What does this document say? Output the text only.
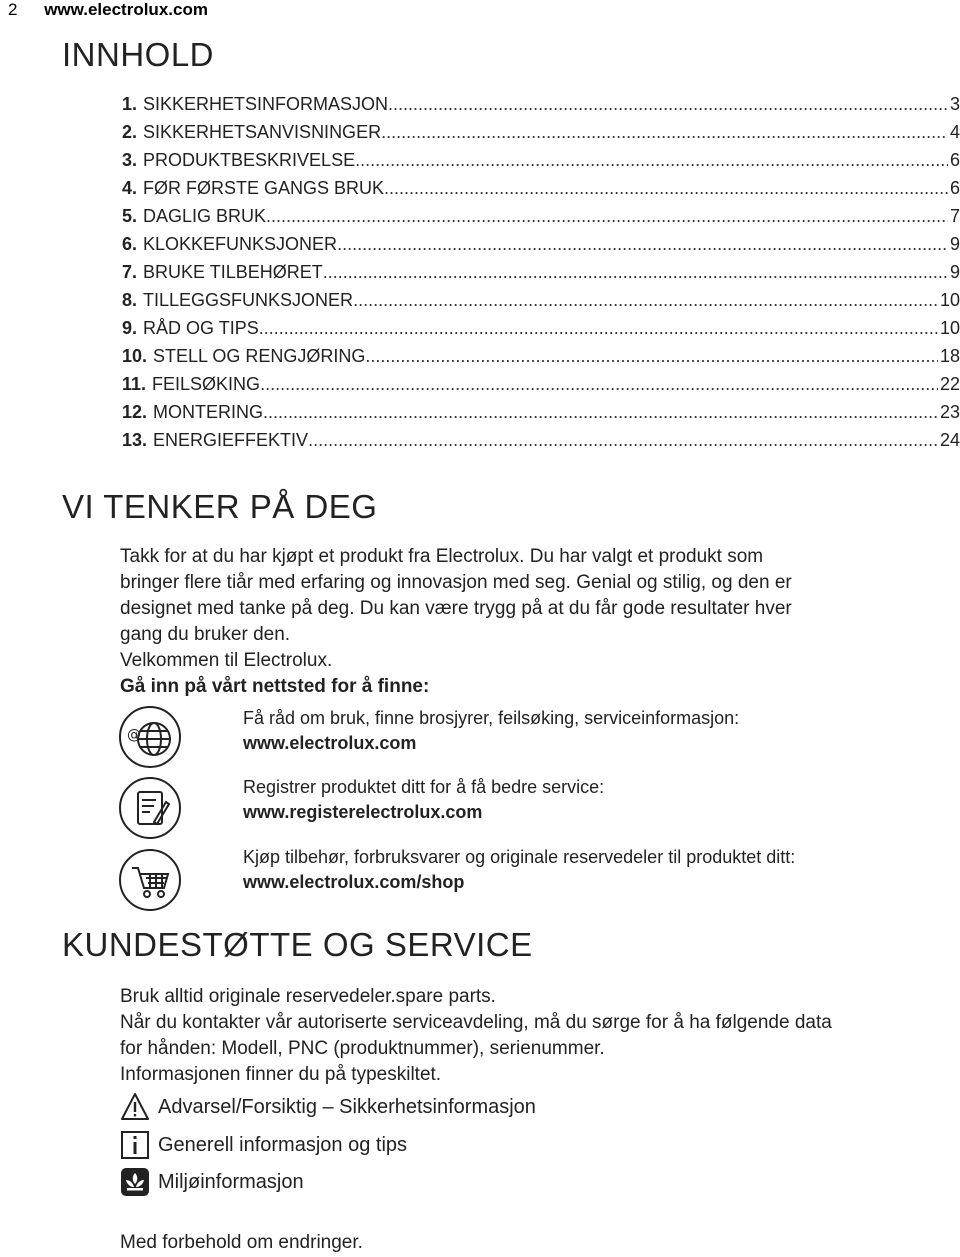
2 www.electrolux.com
INNHOLD
1. SIKKERHETSINFORMASJON .....	3
2. SIKKERHETSANVISNINGER .....	4
3. PRODUKTBESKRIVELSE .....	6
4. FØR FØRSTE GANGS BRUK .....	6
5. DAGLIG BRUK .....	7
6. KLOKKEFUNKSJONER .....	9
7. BRUKE TILBEHØRET .....	9
8. TILLEGGSFUNKSJONER .....	10
9. RÅD OG TIPS .....	10
10. STELL OG RENGJØRING .....	18
11. FEILSØKING .....	22
12. MONTERING .....	23
13. ENERGIEFFEKTIV .....	24
VI TENKER PÅ DEG
Takk for at du har kjøpt et produkt fra Electrolux. Du har valgt et produkt som
bringer flere tiår med erfaring og innovasjon med seg. Genial og stilig, og den er
designet med tanke på deg. Du kan være trygg på at du får gode resultater hver
gang du bruker den.
Velkommen til Electrolux.
Gå inn på vårt nettsted for å finne:
@
Få råd om bruk, finne brosjyrer, feilsøking, serviceinformasjon:
www.electrolux.com
Registrer produktet ditt for å få bedre service:
www.registerelectrolux.com
Kjøp tilbehør, forbruksvarer og originale reservedeler til produktet ditt:
www.electrolux.com/shop
KUNDESTØTTE OG SERVICE
Bruk alltid originale reservedeler.spare parts.
Når du kontakter vår autoriserte serviceavdeling, må du sørge for å ha følgende data
for hånden: Modell, PNC (produktnummer), serienummer.
Informasjonen finner du på typeskiltet.
Advarsel/Forsiktig – Sikkerhetsinformasjon
Generell informasjon og tips
Miljøinformasjon
Med forbehold om endringer.
